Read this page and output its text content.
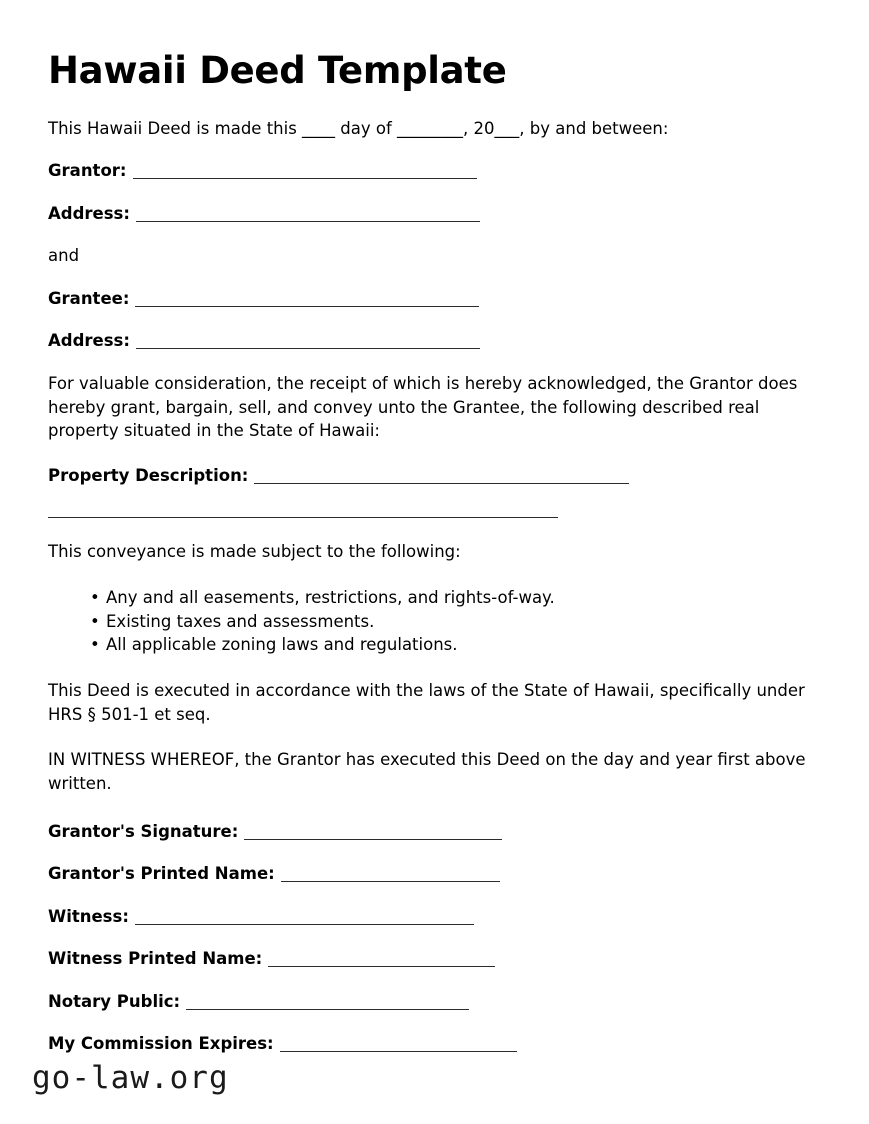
Hawaii Deed Template

This Hawaii Deed is made this ____ day of ________, 20___, by and between:

Grantor:
Address:
and
Grantee:
Address:

For valuable consideration, the receipt of which is hereby acknowledged, the Grantor does hereby grant, bargain, sell, and convey unto the Grantee, the following described real property situated in the State of Hawaii:

Property Description:

This conveyance is made subject to the following:

• Any and all easements, restrictions, and rights-of-way.
• Existing taxes and assessments.
• All applicable zoning laws and regulations.

This Deed is executed in accordance with the laws of the State of Hawaii, specifically under HRS § 501-1 et seq.

IN WITNESS WHEREOF, the Grantor has executed this Deed on the day and year first above written.

Grantor's Signature:
Grantor's Printed Name:
Witness:
Witness Printed Name:
Notary Public:
My Commission Expires:
go-law.org
